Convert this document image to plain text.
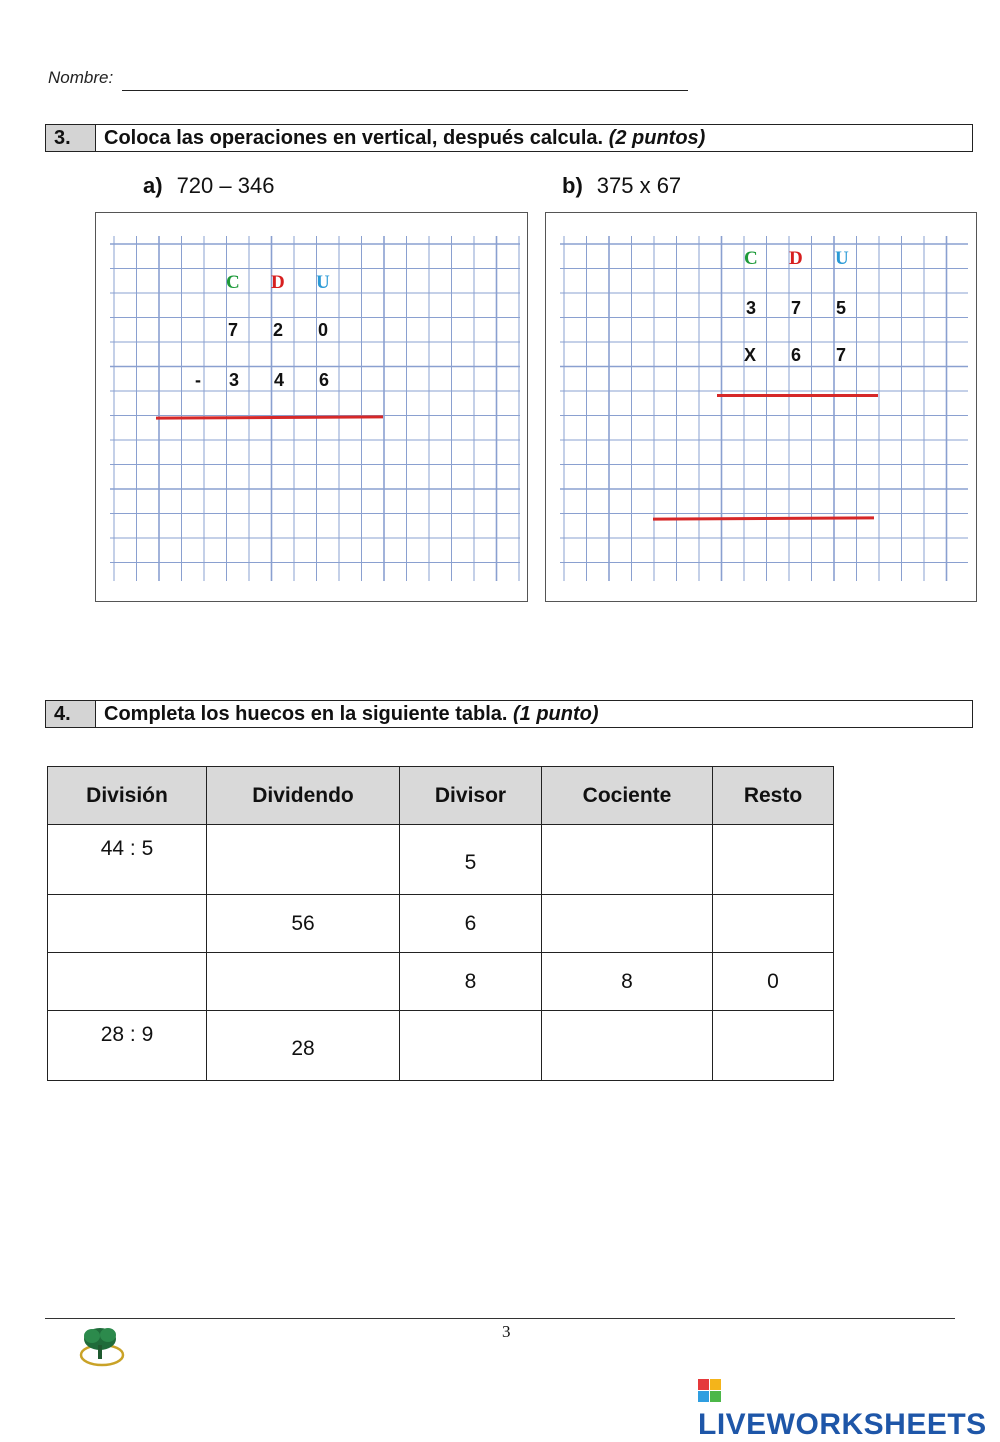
Nombre:
3.	Coloca las operaciones en vertical, después calcula. (2 puntos)
a) 720 – 346	b) 375 x 67
C D U
7 2 0
- 3 4 6
C D U
3 7 5
X 6 7
4.	Completa los huecos en la siguiente tabla. (1 punto)
División	Dividendo	Divisor	Cociente	Resto
44 : 5		5		
	56	6		
		8	8	0
28 : 9	28			
3
LIVEWORKSHEETS
